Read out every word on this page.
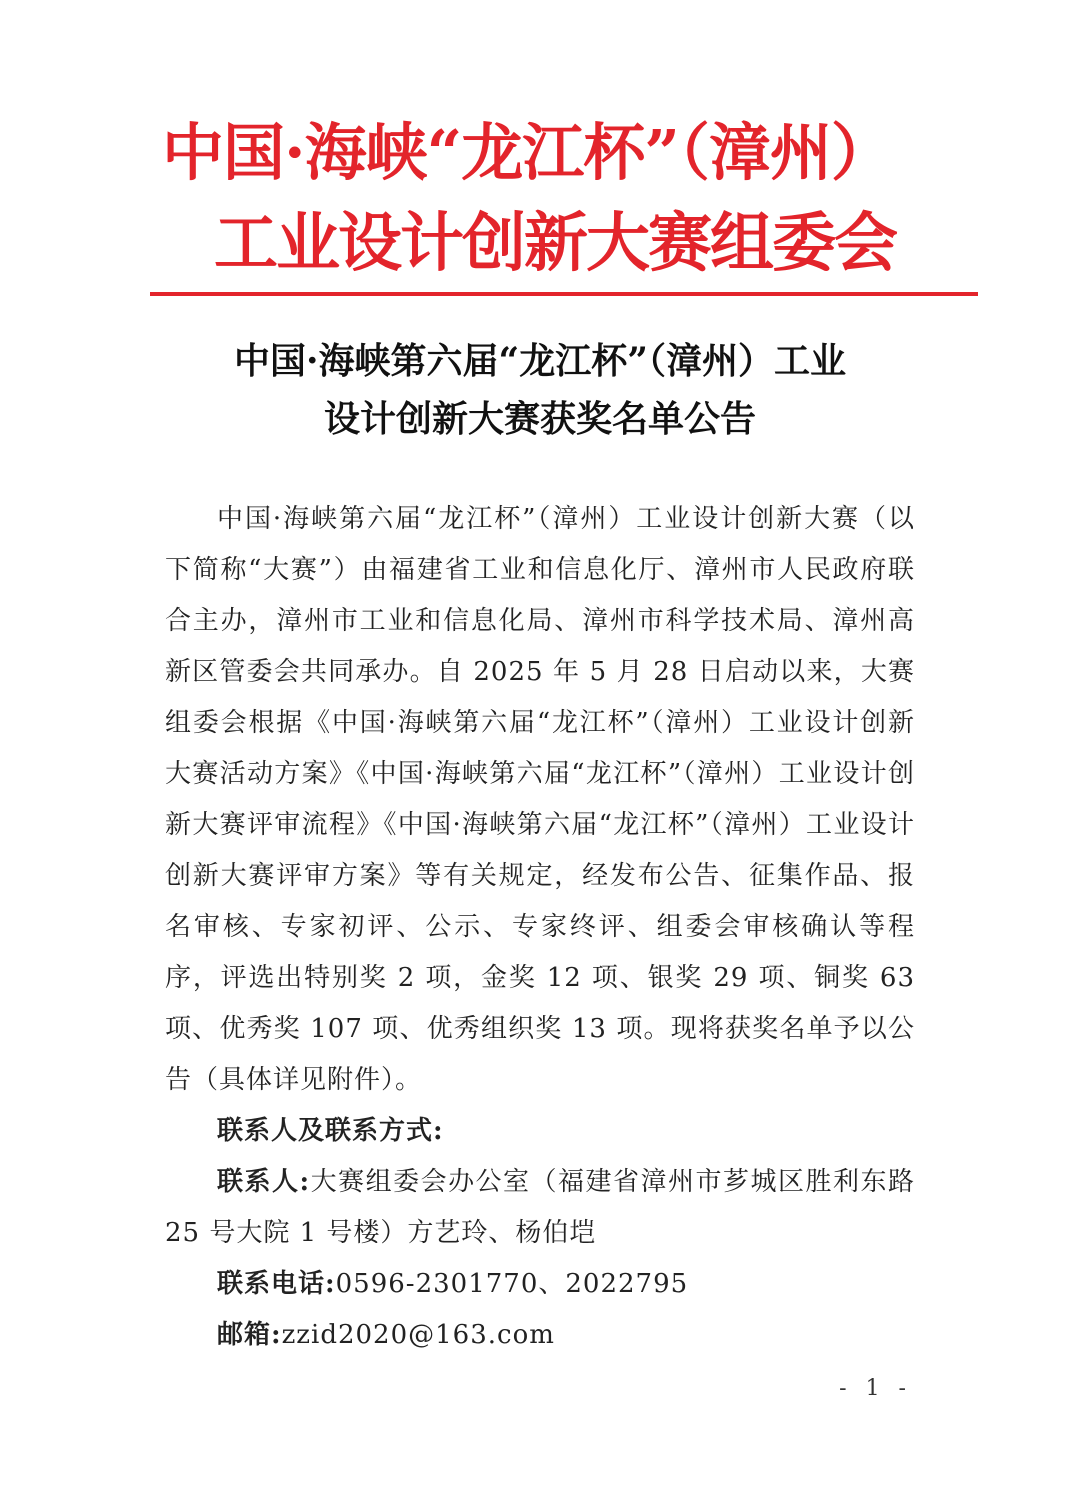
中国·海峡“龙江杯”（漳州）
工业设计创新大赛组委会
中国·海峡第六届“龙江杯”（漳州）工业
设计创新大赛获奖名单公告

中国·海峡第六届“龙江杯”（漳州）工业设计创新大赛（以下简称“大赛”）由福建省工业和信息化厅、漳州市人民政府联合主办，漳州市工业和信息化局、漳州市科学技术局、漳州高新区管委会共同承办。自 2025 年 5 月 28 日启动以来，大赛组委会根据《中国·海峡第六届“龙江杯”（漳州）工业设计创新大赛活动方案》《中国·海峡第六届“龙江杯”（漳州）工业设计创新大赛评审流程》《中国·海峡第六届“龙江杯”（漳州）工业设计创新大赛评审方案》等有关规定，经发布公告、征集作品、报名审核、专家初评、公示、专家终评、组委会审核确认等程序，评选出特别奖 2 项，金奖 12 项、银奖 29 项、铜奖 63 项、优秀奖 107 项、优秀组织奖 13 项。现将获奖名单予以公告（具体详见附件）。

联系人及联系方式:

联系人:大赛组委会办公室（福建省漳州市芗城区胜利东路 25 号大院 1 号楼）方艺玲、杨伯垲

联系电话:0596-2301770、2022795

邮箱:zzid2020@163.com

- 1 -
